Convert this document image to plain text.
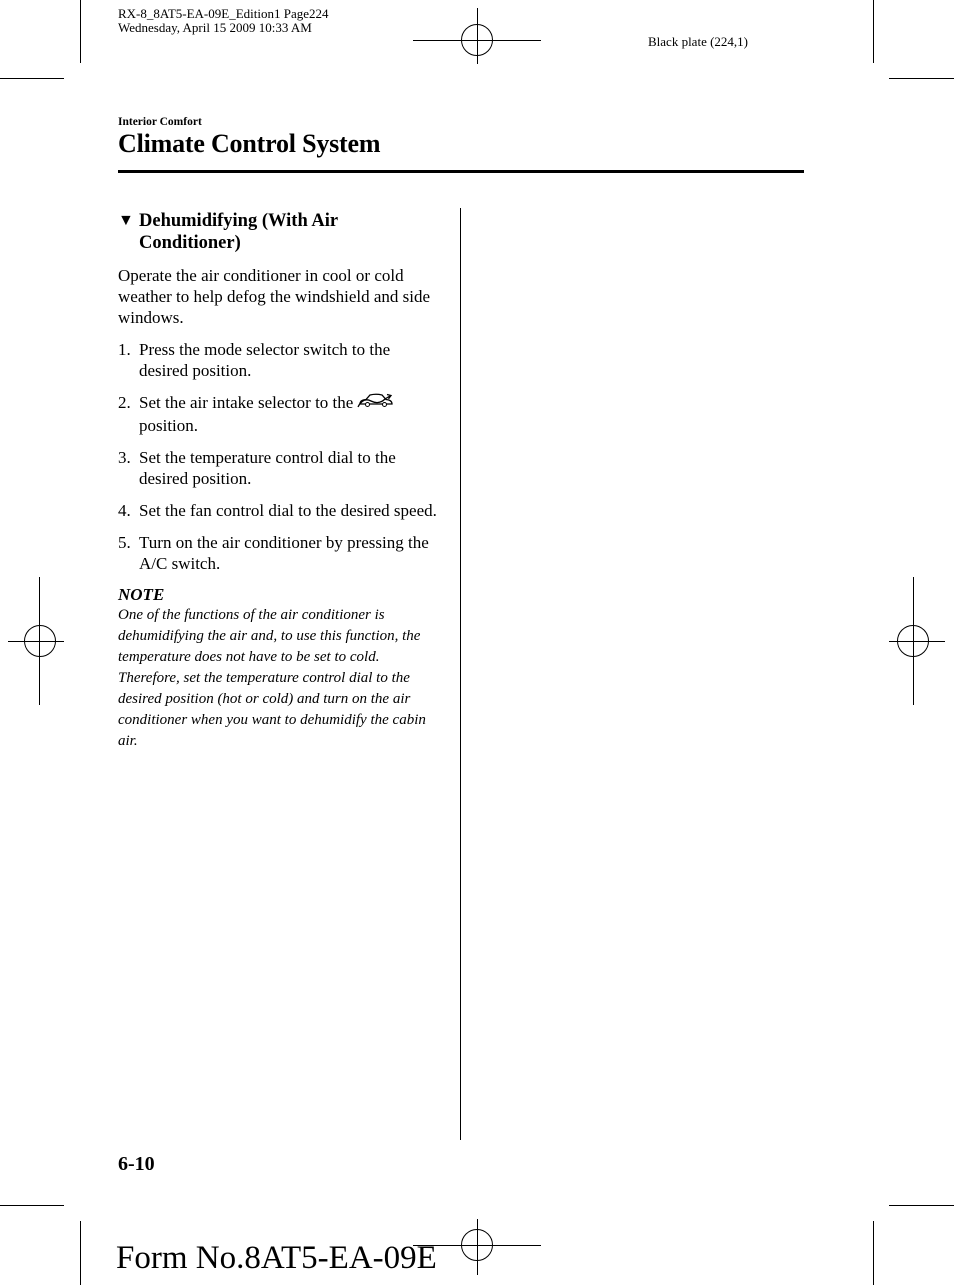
RX-8_8AT5-EA-09E_Edition1 Page224
Wednesday, April 15 2009 10:33 AM
Black plate (224,1)
Interior Comfort
Climate Control System
▼ Dehumidifying (With Air
Conditioner)
Operate the air conditioner in cool or cold weather to help defog the windshield and side windows.
1. Press the mode selector switch to the desired position.
2. Set the air intake selector to the
position.
3. Set the temperature control dial to the desired position.
4. Set the fan control dial to the desired speed.
5. Turn on the air conditioner by pressing the A/C switch.
NOTE
One of the functions of the air conditioner is dehumidifying the air and, to use this function, the temperature does not have to be set to cold. Therefore, set the temperature control dial to the desired position (hot or cold) and turn on the air conditioner when you want to dehumidify the cabin air.
6-10
Form No.8AT5-EA-09E
